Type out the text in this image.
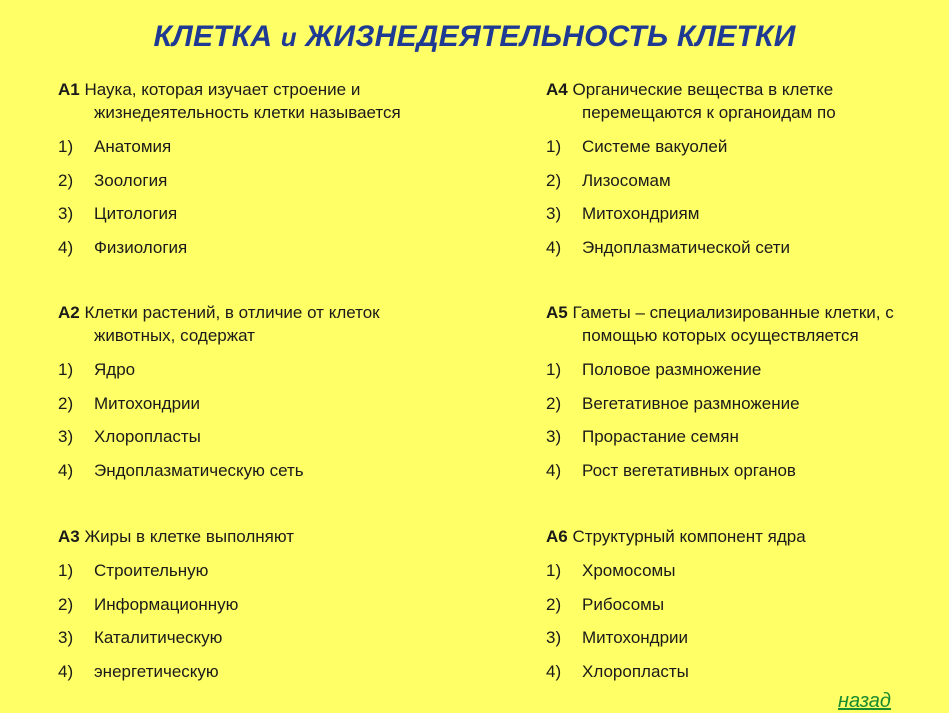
КЛЕТКА и ЖИЗНЕДЕЯТЕЛЬНОСТЬ КЛЕТКИ

А1 Наука, которая изучает строение и жизнедеятельность клетки называется

1) Анатомия
2) Зоология
3) Цитология
4) Физиология

А4 Органические вещества в клетке перемещаются к органоидам по

1) Системе вакуолей
2) Лизосомам
3) Митохондриям
4) Эндоплазматической сети

А2 Клетки растений, в отличие от клеток животных, содержат

1) Ядро
2) Митохондрии
3) Хлоропласты
4) Эндоплазматическую сеть

А5 Гаметы – специализированные клетки, с помощью которых осуществляется

1) Половое размножение
2) Вегетативное размножение
3) Прорастание семян
4) Рост вегетативных органов

А3 Жиры в клетке выполняют

1) Строительную
2) Информационную
3) Каталитическую
4) энергетическую

А6 Структурный компонент ядра

1) Хромосомы
2) Рибосомы
3) Митохондрии
4) Хлоропласты
назад
